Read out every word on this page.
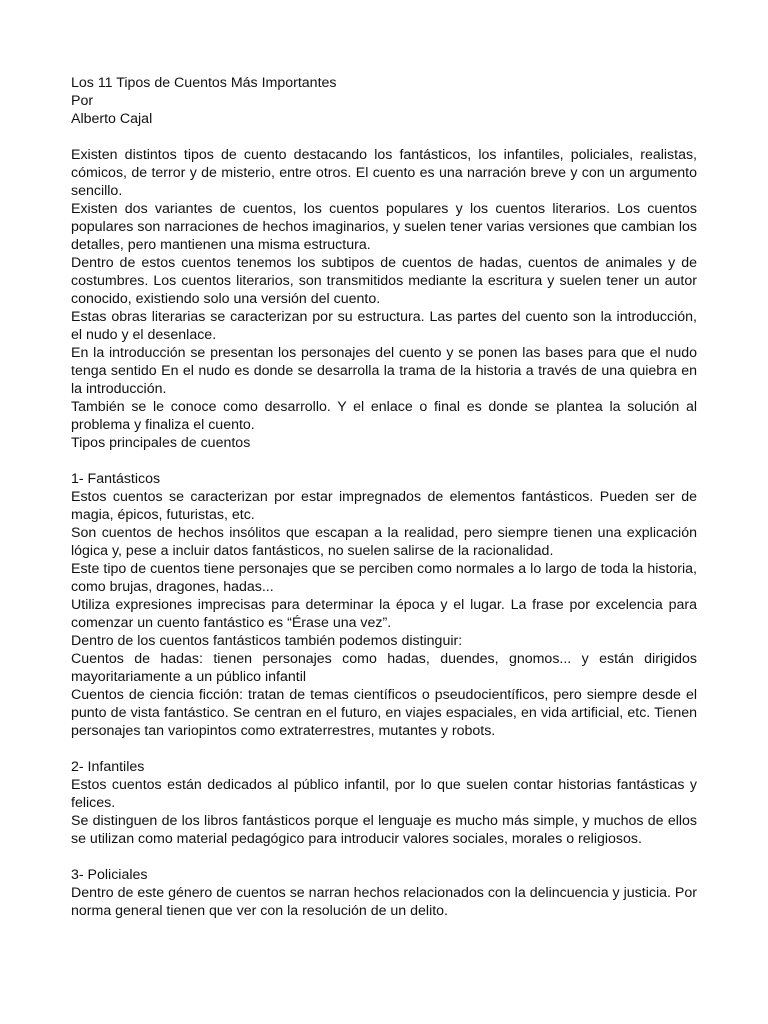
Los 11 Tipos de Cuentos Más Importantes

Por

Alberto Cajal

Existen distintos tipos de cuento destacando los fantásticos, los infantiles, policiales, realistas, cómicos, de terror y de misterio, entre otros. El cuento es una narración breve y con un argumento sencillo.

Existen dos variantes de cuentos, los cuentos populares y los cuentos literarios. Los cuentos populares son narraciones de hechos imaginarios, y suelen tener varias versiones que cambian los detalles, pero mantienen una misma estructura.

Dentro de estos cuentos tenemos los subtipos de cuentos de hadas, cuentos de animales y de costumbres. Los cuentos literarios, son transmitidos mediante la escritura y suelen tener un autor conocido, existiendo solo una versión del cuento.

Estas obras literarias se caracterizan por su estructura. Las partes del cuento son la introducción, el nudo y el desenlace.

En la introducción se presentan los personajes del cuento y se ponen las bases para que el nudo tenga sentido En el nudo es donde se desarrolla la trama de la historia a través de una quiebra en la introducción.

También se le conoce como desarrollo. Y el enlace o final es donde se plantea la solución al problema y finaliza el cuento.

Tipos principales de cuentos

1- Fantásticos

Estos cuentos se caracterizan por estar impregnados de elementos fantásticos. Pueden ser de magia, épicos, futuristas, etc.

Son cuentos de hechos insólitos que escapan a la realidad, pero siempre tienen una explicación lógica y, pese a incluir datos fantásticos, no suelen salirse de la racionalidad.

Este tipo de cuentos tiene personajes que se perciben como normales a lo largo de toda la historia, como brujas, dragones, hadas...

Utiliza expresiones imprecisas para determinar la época y el lugar. La frase por excelencia para comenzar un cuento fantástico es “Érase una vez”.

Dentro de los cuentos fantásticos también podemos distinguir:

Cuentos de hadas: tienen personajes como hadas, duendes, gnomos... y están dirigidos mayoritariamente a un público infantil

Cuentos de ciencia ficción: tratan de temas científicos o pseudocientíficos, pero siempre desde el punto de vista fantástico. Se centran en el futuro, en viajes espaciales, en vida artificial, etc. Tienen personajes tan variopintos como extraterrestres, mutantes y robots.

2- Infantiles

Estos cuentos están dedicados al público infantil, por lo que suelen contar historias fantásticas y felices.

Se distinguen de los libros fantásticos porque el lenguaje es mucho más simple, y muchos de ellos se utilizan como material pedagógico para introducir valores sociales, morales o religiosos.

3- Policiales

Dentro de este género de cuentos se narran hechos relacionados con la delincuencia y justicia. Por norma general tienen que ver con la resolución de un delito.
